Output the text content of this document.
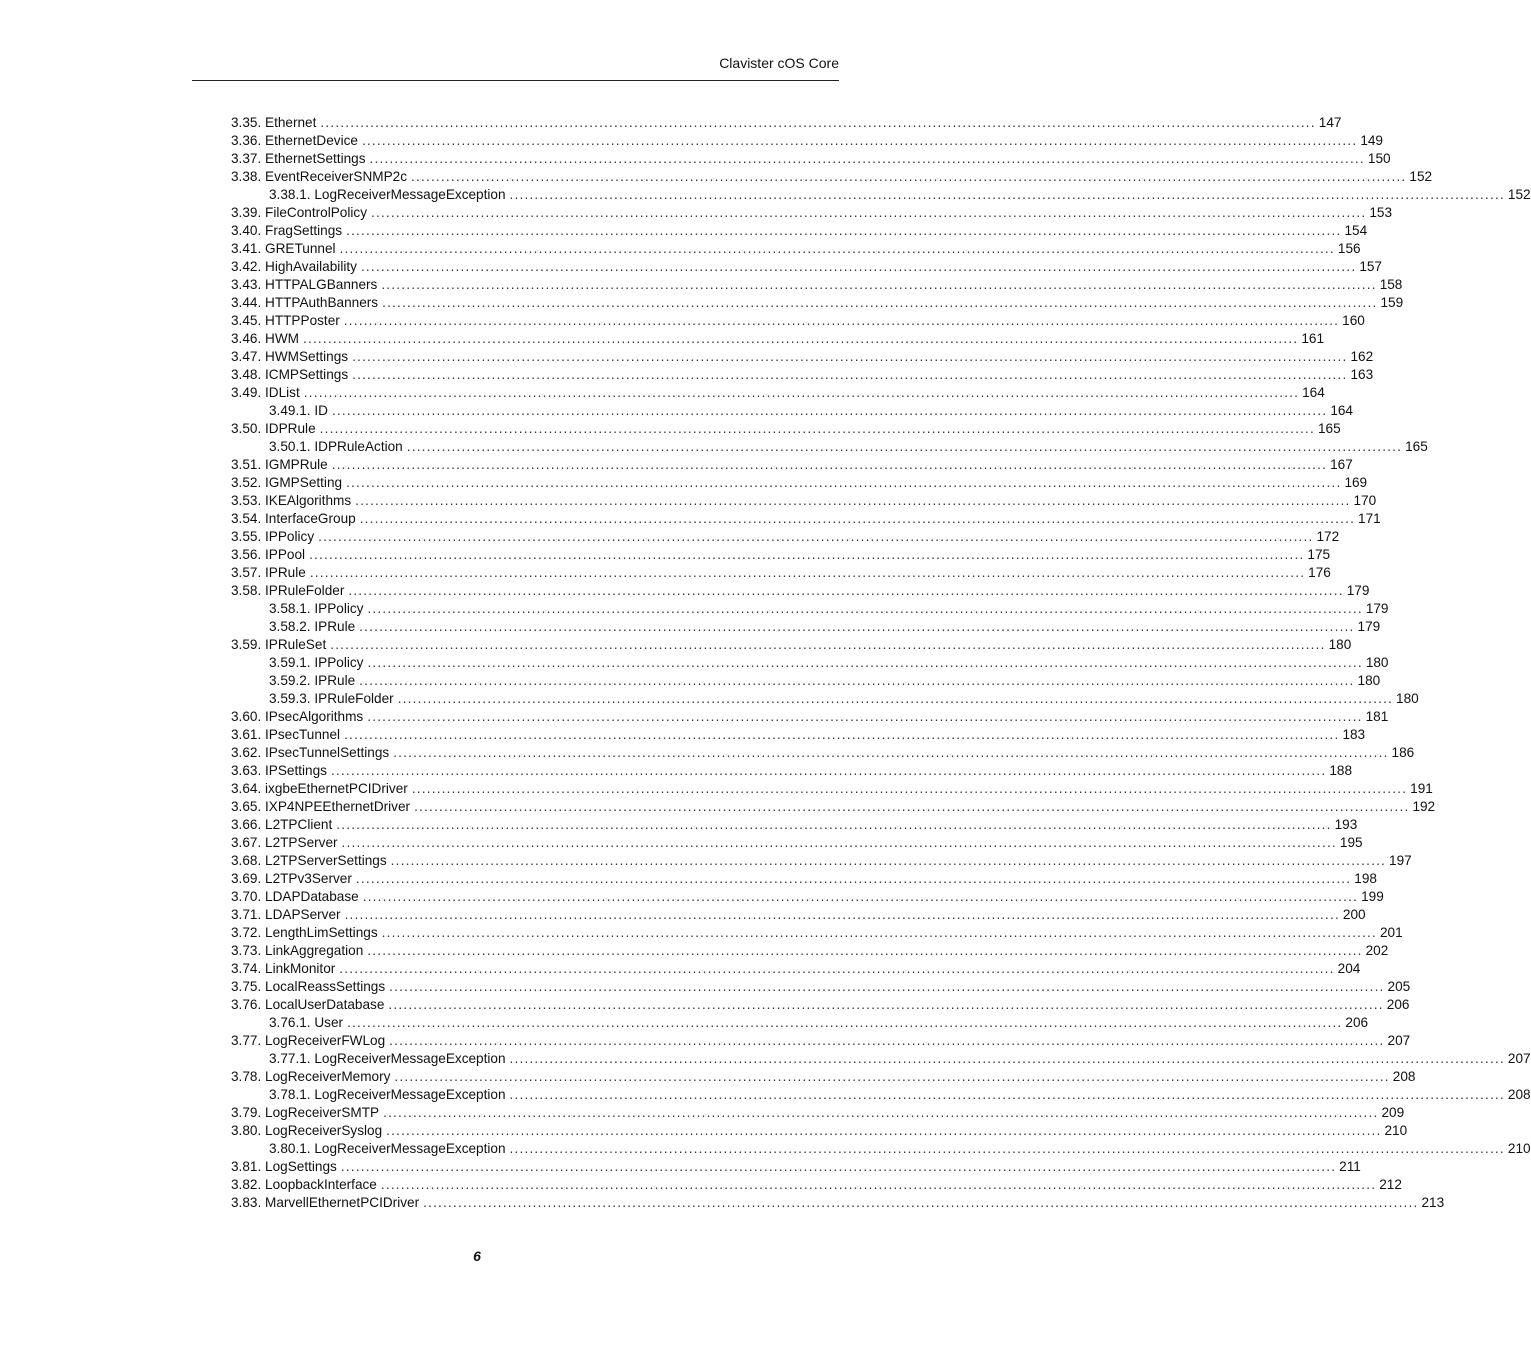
Clavister cOS Core
3.35. Ethernet ........................................................................................................................................................................................................ 147
3.36. EthernetDevice ........................................................................................................................................................................................................ 149
3.37. EthernetSettings ........................................................................................................................................................................................................ 150
3.38. EventReceiverSNMP2c ........................................................................................................................................................................................................ 152
3.38.1. LogReceiverMessageException ........................................................................................................................................................................................................ 152
3.39. FileControlPolicy ........................................................................................................................................................................................................ 153
3.40. FragSettings ........................................................................................................................................................................................................ 154
3.41. GRETunnel ........................................................................................................................................................................................................ 156
3.42. HighAvailability ........................................................................................................................................................................................................ 157
3.43. HTTPALGBanners ........................................................................................................................................................................................................ 158
3.44. HTTPAuthBanners ........................................................................................................................................................................................................ 159
3.45. HTTPPoster ........................................................................................................................................................................................................ 160
3.46. HWM ........................................................................................................................................................................................................ 161
3.47. HWMSettings ........................................................................................................................................................................................................ 162
3.48. ICMPSettings ........................................................................................................................................................................................................ 163
3.49. IDList ........................................................................................................................................................................................................ 164
3.49.1. ID ........................................................................................................................................................................................................ 164
3.50. IDPRule ........................................................................................................................................................................................................ 165
3.50.1. IDPRuleAction ........................................................................................................................................................................................................ 165
3.51. IGMPRule ........................................................................................................................................................................................................ 167
3.52. IGMPSetting ........................................................................................................................................................................................................ 169
3.53. IKEAlgorithms ........................................................................................................................................................................................................ 170
3.54. InterfaceGroup ........................................................................................................................................................................................................ 171
3.55. IPPolicy ........................................................................................................................................................................................................ 172
3.56. IPPool ........................................................................................................................................................................................................ 175
3.57. IPRule ........................................................................................................................................................................................................ 176
3.58. IPRuleFolder ........................................................................................................................................................................................................ 179
3.58.1. IPPolicy ........................................................................................................................................................................................................ 179
3.58.2. IPRule ........................................................................................................................................................................................................ 179
3.59. IPRuleSet ........................................................................................................................................................................................................ 180
3.59.1. IPPolicy ........................................................................................................................................................................................................ 180
3.59.2. IPRule ........................................................................................................................................................................................................ 180
3.59.3. IPRuleFolder ........................................................................................................................................................................................................ 180
3.60. IPsecAlgorithms ........................................................................................................................................................................................................ 181
3.61. IPsecTunnel ........................................................................................................................................................................................................ 183
3.62. IPsecTunnelSettings ........................................................................................................................................................................................................ 186
3.63. IPSettings ........................................................................................................................................................................................................ 188
3.64. ixgbeEthernetPCIDriver ........................................................................................................................................................................................................ 191
3.65. IXP4NPEEthernetDriver ........................................................................................................................................................................................................ 192
3.66. L2TPClient ........................................................................................................................................................................................................ 193
3.67. L2TPServer ........................................................................................................................................................................................................ 195
3.68. L2TPServerSettings ........................................................................................................................................................................................................ 197
3.69. L2TPv3Server ........................................................................................................................................................................................................ 198
3.70. LDAPDatabase ........................................................................................................................................................................................................ 199
3.71. LDAPServer ........................................................................................................................................................................................................ 200
3.72. LengthLimSettings ........................................................................................................................................................................................................ 201
3.73. LinkAggregation ........................................................................................................................................................................................................ 202
3.74. LinkMonitor ........................................................................................................................................................................................................ 204
3.75. LocalReassSettings ........................................................................................................................................................................................................ 205
3.76. LocalUserDatabase ........................................................................................................................................................................................................ 206
3.76.1. User ........................................................................................................................................................................................................ 206
3.77. LogReceiverFWLog ........................................................................................................................................................................................................ 207
3.77.1. LogReceiverMessageException ........................................................................................................................................................................................................ 207
3.78. LogReceiverMemory ........................................................................................................................................................................................................ 208
3.78.1. LogReceiverMessageException ........................................................................................................................................................................................................ 208
3.79. LogReceiverSMTP ........................................................................................................................................................................................................ 209
3.80. LogReceiverSyslog ........................................................................................................................................................................................................ 210
3.80.1. LogReceiverMessageException ........................................................................................................................................................................................................ 210
3.81. LogSettings ........................................................................................................................................................................................................ 211
3.82. LoopbackInterface ........................................................................................................................................................................................................ 212
3.83. MarvellEthernetPCIDriver ........................................................................................................................................................................................................ 213
6
